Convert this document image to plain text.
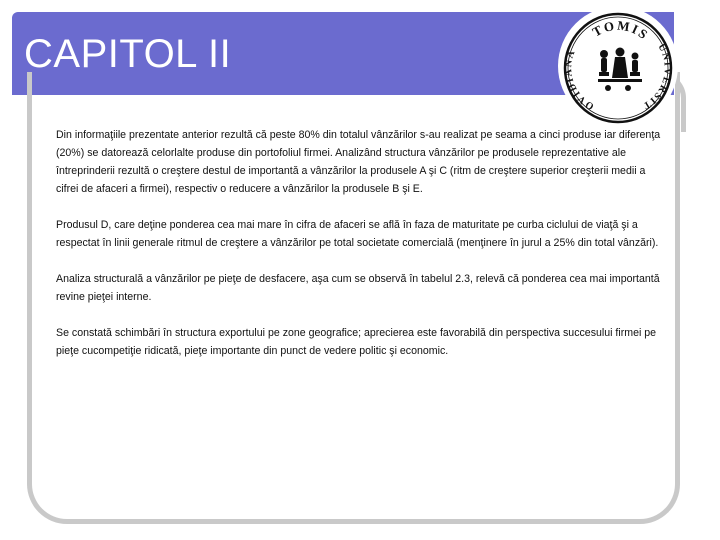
CAPITOL II
TOMIS
OVIDIANA	UNIVERSIT

Din informaţiile prezentate anterior rezultă că peste 80% din totalul vânzărilor s-au realizat pe seama a cinci produse iar diferenţa (20%) se datorează celorlalte produse din portofoliul firmei. Analizând structura vânzărilor pe produsele reprezentative ale întreprinderii rezultă o creştere destul de importantă a vânzărilor la produsele A şi C (ritm de creştere superior creşterii medii a cifrei de afaceri a firmei), respectiv o reducere a vânzărilor la produsele B şi E.

Produsul D, care deţine ponderea cea mai mare în cifra de afaceri se află în faza de maturitate pe curba ciclului de viaţă şi a respectat în linii generale ritmul de creştere a vânzărilor pe total societate comercială (menţinere în jurul a 25% din total vânzări).

Analiza structurală a vânzărilor pe pieţe de desfacere, aşa cum se observă în tabelul 2.3, relevă că ponderea cea mai importantă revine pieţei interne.

Se constată schimbări în structura exportului pe zone geografice; aprecierea este favorabilă din perspectiva succesului firmei pe pieţe cucompetiţie ridicată, pieţe importante din punct de vedere politic şi economic.
